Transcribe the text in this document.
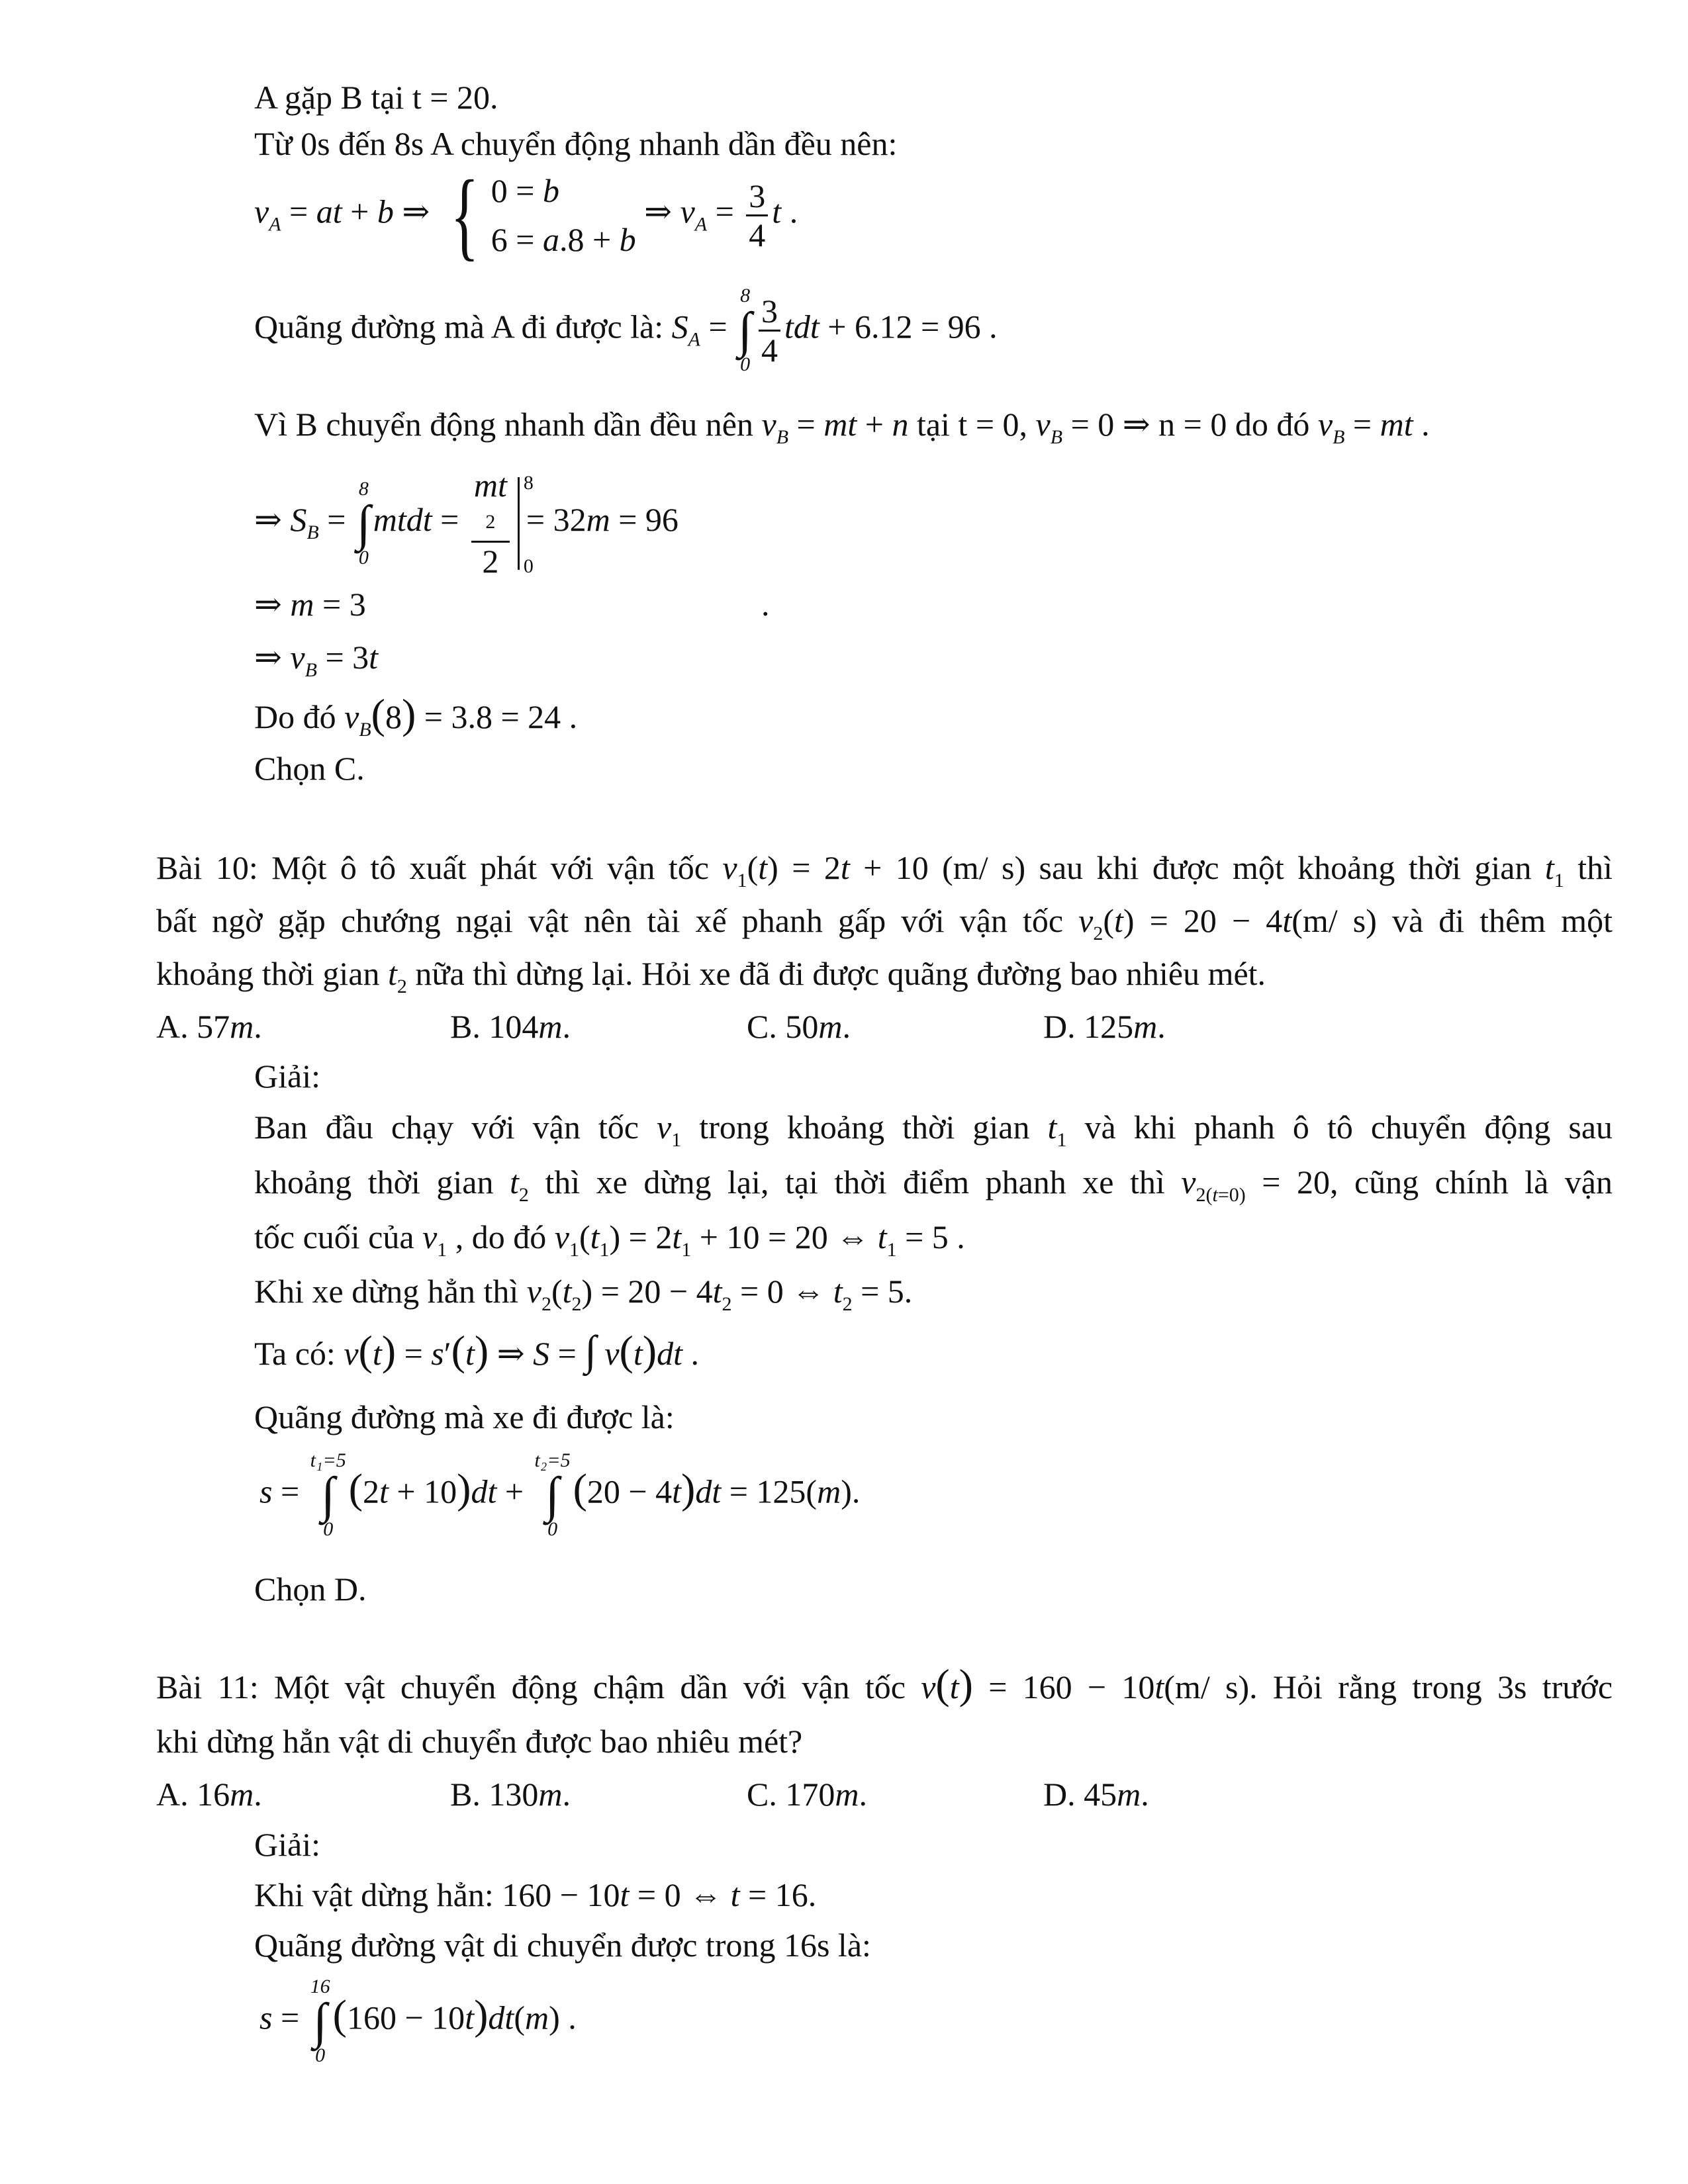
A gặp B tại t = 20.
Từ 0s đến 8s A chuyển động nhanh dần đều nên:
$v_A$ = at + b ⇒ { 0 = b
6 = a.8 + b
⇒ $v_A = \frac{3}{4}$ t .
Quãng đường mà A đi được là: $S_A$ =
8
∫
$0 \frac{3}{4}$ tdt + 6.12 = 96 .
Vì B chuyển động nhanh dần đều nên $v_B$ = mt + n tại t = 0, $v_B = 0$ ⇒ n = 0 do đó $v_B$ = mt .
⇒ $S_B$ =
8
∫
0
mtdt = mt
2
2 8
0
= 32m = 96
⇒ m = 3	.
⇒ $v_B = 3t$
Do đó $v_B(8) = 3.8 = 24$ .
Chọn C.
Bài 10: Một ô tô xuất phát với vận tốc $v_1(t) = 2t + 10$ (m/ s) sau khi được một khoảng thời gian $t_1$ thì
bất ngờ gặp chướng ngại vật nên tài xế phanh gấp với vận tốc $v_2(t) = 20 - 4t(m/$ s) và đi thêm một
khoảng thời gian $t_2$ nữa thì dừng lại. Hỏi xe đã đi được quãng đường bao nhiêu mét.
A. 57m.	B. 104m.	C. 50m.	D. 125m.
Giải:
Ban đầu chạy với vận tốc $v_1$ trong khoảng thời gian $t_1$ và khi phanh ô tô chuyển động sau
khoảng thời gian $t_2$ thì xe dừng lại, tại thời điểm phanh xe thì $v_{2(t=0)} = 20$, cũng chính là vận
tốc cuối của $v_1$ , do đó $v_1(t_1) = 2t_1 + 10 = 20$ ⇔ $t_1 = 5$ .
Khi xe dừng hẳn thì $v_2(t_2) = 20 - 4t_2 = 0$ ⇔ $t_2 = 5$.
Ta có: v(t) = s′(t) ⇒ S = ∫ v(t)dt .
Quãng đường mà xe đi được là:
s =
t₁=5
∫
0
(2t + 10)dt +
t₂=5
∫
0
(20 − 4t)dt = 125(m).
Chọn D.
Bài 11: Một vật chuyển động chậm dần với vận tốc v(t) = 160 − 10t(m/ s). Hỏi rằng trong 3s trước
khi dừng hẳn vật di chuyển được bao nhiêu mét?
A. 16m.	B. 130m.	C. 170m.	D. 45m.
Giải:
Khi vật dừng hẳn: 160 − 10t = 0 ⇔ t = 16.
Quãng đường vật di chuyển được trong 16s là:
s =
16
∫
0
(160 − 10t)dt(m) .
